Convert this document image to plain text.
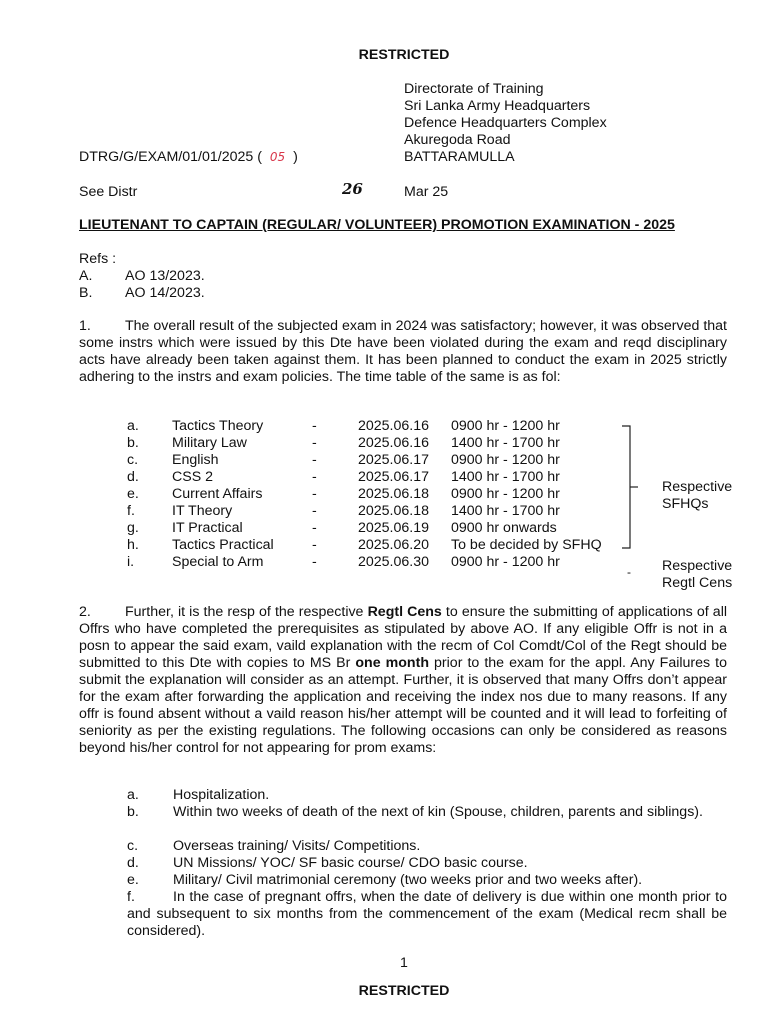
RESTRICTED
Directorate of Training
Sri Lanka Army Headquarters
Defence Headquarters Complex
Akuregoda Road
BATTARAMULLA
DTRG/G/EXAM/01/01/2025 ( 05 )
See Distr	26	Mar 25
LIEUTENANT TO CAPTAIN (REGULAR/ VOLUNTEER) PROMOTION EXAMINATION - 2025
Refs :
A. AO 13/2023.
B. AO 14/2023.
1. The overall result of the subjected exam in 2024 was satisfactory; however, it was observed that some instrs which were issued by this Dte have been violated during the exam and reqd disciplinary acts have already been taken against them. It has been planned to conduct the exam in 2025 strictly adhering to the instrs and exam policies. The time table of the same is as fol:
a. Tactics Theory	-	2025.06.16 0900 hr - 1200 hr
b. Military Law	-	2025.06.16 1400 hr - 1700 hr
c. English	-	2025.06.17 0900 hr - 1200 hr
d. CSS 2	-	2025.06.17 1400 hr - 1700 hr
e. Current Affairs	-	2025.06.18 0900 hr - 1200 hr
f.	IT Theory	-	2025.06.18 1400 hr - 1700 hr
g. IT Practical	-	2025.06.19 0900 hr onwards
h. Tactics Practical	-	2025.06.20 To be decided by SFHQ
i.	Special to Arm	-	2025.06.30 0900 hr - 1200 hr
-
Respective
SFHQs
Respective
Regtl Cens
2. Further, it is the resp of the respective Regtl Cens to ensure the submitting of applications of all Offrs who have completed the prerequisites as stipulated by above AO. If any eligible Offr is not in a posn to appear the said exam, vaild explanation with the recm of Col Comdt/Col of the Regt should be submitted to this Dte with copies to MS Br one month prior to the exam for the appl. Any Failures to submit the explanation will consider as an attempt. Further, it is observed that many Offrs don’t appear for the exam after forwarding the application and receiving the index nos due to many reasons. If any offr is found absent without a vaild reason his/her attempt will be counted and it will lead to forfeiting of seniority as per the existing regulations. The following occasions can only be considered as reasons beyond his/her control for not appearing for prom exams:
a. Hospitalization.
b. Within two weeks of death of the next of kin (Spouse, children, parents and siblings).
c. Overseas training/ Visits/ Competitions.
d. UN Missions/ YOC/ SF basic course/ CDO basic course.
e. Military/ Civil matrimonial ceremony (two weeks prior and two weeks after).
f.	In the case of pregnant offrs, when the date of delivery is due within one month prior to and subsequent to six months from the commencement of the exam (Medical recm shall be considered).
1
RESTRICTED
